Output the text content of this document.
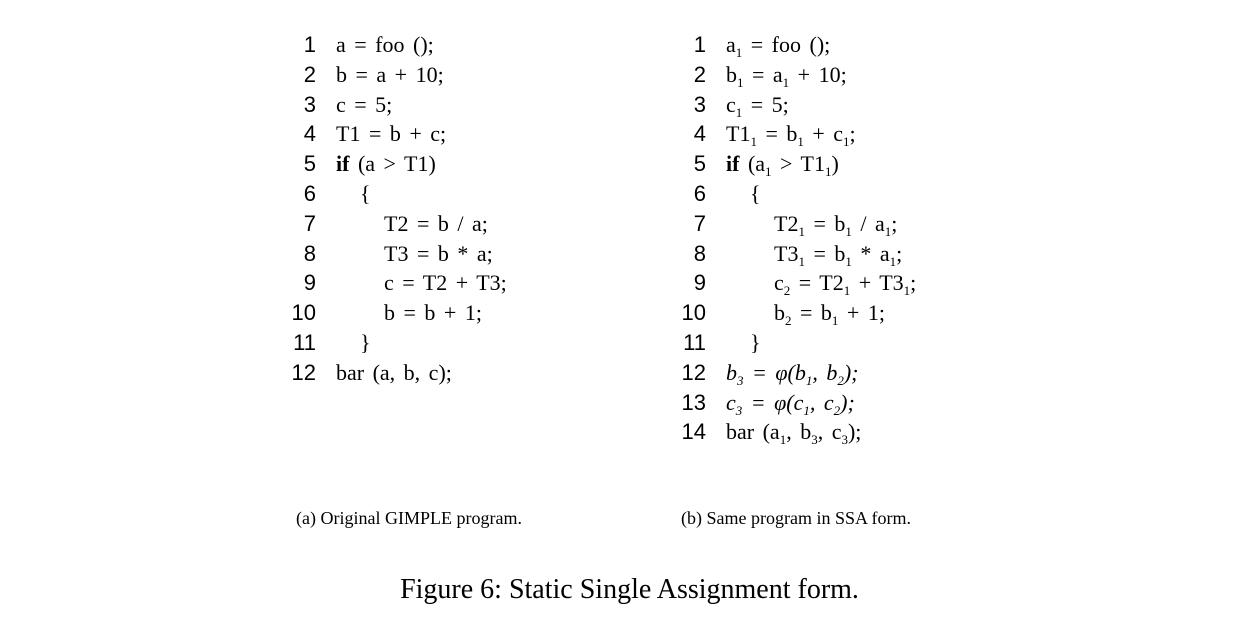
1 a = foo ();
2 b = a + 10;
3 c = 5;
4 T1 = b + c;
5 if (a > T1)
6 {
7	T2 = b / a;
8	T3 = b * a;
9	c = T2 + T3;
10	b = b + 1;
11 }
12 bar (a, b, c);
1 $a_1$ = foo ();
2 $b_1 = a_1 + 10$;
3 $c_1 = 5$;
4 $T1_1 = b_1 + c_1$;
5 if $(a_1 > T1_1)$
6 {
7	$T2_1 = b_1 / a_1$;
8	$T3_1 = b_1 * a_1$;
9	$c_2 = T2_1 + T3_1$;
10	$b_2 = b_1 + 1$;
11 }
12 $b_3 = \varphi(b_1$, $b_2$);
13 $c_3 = \varphi(c_1$, $c_2$);
14 bar ($a_1$, $b_3$, $c_3$);
(a) Original GIMPLE program.	(b) Same program in SSA form.
Figure 6: Static Single Assignment form.
